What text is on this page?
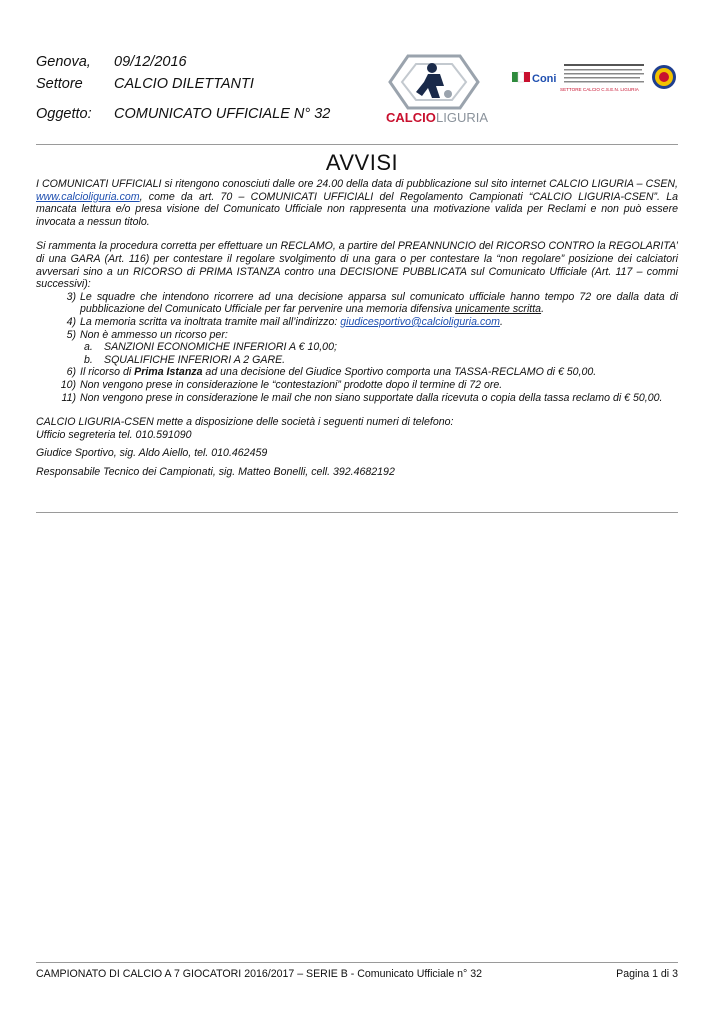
Genova, 09/12/2016
Settore CALCIO DILETTANTI
Oggetto: COMUNICATO UFFICIALE N° 32	CALCIO LIGURIA
Coni
SETTORE CALCIO C.S.E.N. LIGURIA
AVVISI

I COMUNICATI UFFICIALI si ritengono conosciuti dalle ore 24.00 della data di pubblicazione sul sito internet CALCIO LIGURIA – CSEN, www.calcioliguria.com, come da art. 70 – COMUNICATI UFFICIALI del Regolamento Campionati “CALCIO LIGURIA-CSEN”. La mancata lettura e/o presa visione del Comunicato Ufficiale non rappresenta una motivazione valida per Reclami e non può essere invocata a nessun titolo.

Si rammenta la procedura corretta per effettuare un RECLAMO, a partire del PREANNUNCIO del RICORSO CONTRO la REGOLARITA’ di una GARA (Art. 116) per contestare il regolare svolgimento di una gara o per contestare la “non regolare” posizione dei calciatori avversari sino a un RICORSO di PRIMA ISTANZA contro una DECISIONE PUBBLICATA sul Comunicato Ufficiale (Art. 117 – commi successivi):

3) Le squadre che intendono ricorrere ad una decisione apparsa sul comunicato ufficiale hanno tempo 72 ore dalla data di pubblicazione del Comunicato Ufficiale per far pervenire una memoria difensiva unicamente scritta.
4) La memoria scritta va inoltrata tramite mail all’indirizzo: giudicesportivo@calcioliguria.com.
5) Non è ammesso un ricorso per:
a.	SANZIONI ECONOMICHE INFERIORI A € 10,00;
b.	SQUALIFICHE INFERIORI A 2 GARE.
6) Il ricorso di Prima Istanza ad una decisione del Giudice Sportivo comporta una TASSA-RECLAMO di € 50,00.
10) Non vengono prese in considerazione le “contestazioni” prodotte dopo il termine di 72 ore.
11) Non vengono prese in considerazione le mail che non siano supportate dalla ricevuta o copia della tassa reclamo di € 50,00.

CALCIO LIGURIA-CSEN mette a disposizione delle società i seguenti numeri di telefono:

Ufficio segreteria tel. 010.591090

Giudice Sportivo, sig. Aldo Aiello, tel. 010.462459

Responsabile Tecnico dei Campionati, sig. Matteo Bonelli, cell. 392.4682192

CAMPIONATO DI CALCIO A 7 GIOCATORI 2016/2017 – SERIE B - Comunicato Ufficiale n° 32	Pagina 1 di 3
